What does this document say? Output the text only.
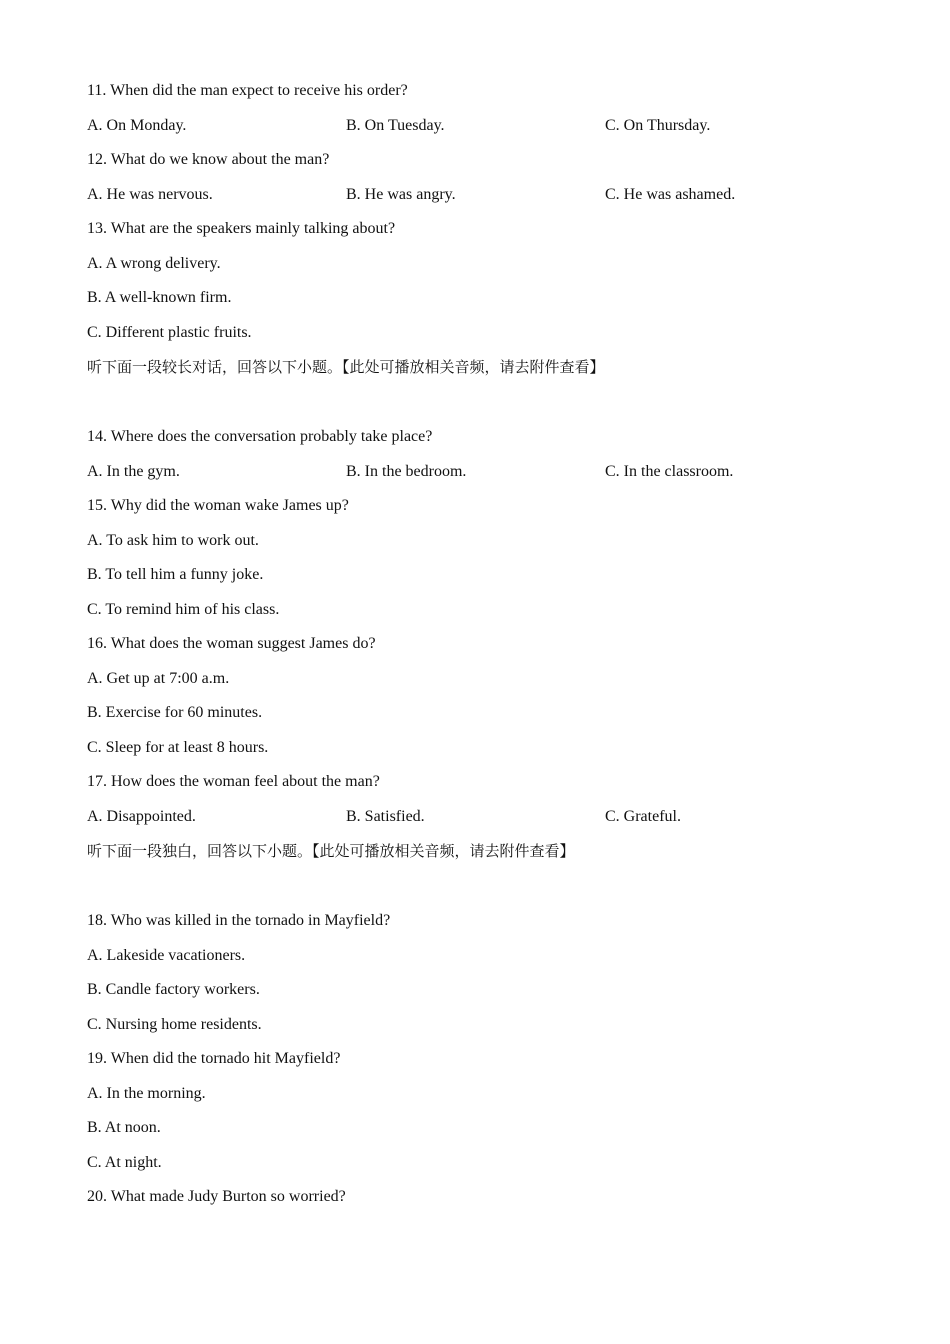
11. When did the man expect to receive his order?
A. On Monday.	B. On Tuesday.	C. On Thursday.
12. What do we know about the man?
A. He was nervous.	B. He was angry.	C. He was ashamed.
13. What are the speakers mainly talking about?
A. A wrong delivery.
B. A well-known firm.
C. Different plastic fruits.
听下面一段较长对话，回答以下小题。【此处可播放相关音频，请去附件查看】
14. Where does the conversation probably take place?
A. In the gym.	B. In the bedroom.	C. In the classroom.
15. Why did the woman wake James up?
A. To ask him to work out.
B. To tell him a funny joke.
C. To remind him of his class.
16. What does the woman suggest James do?
A. Get up at 7:00 a.m.
B. Exercise for 60 minutes.
C. Sleep for at least 8 hours.
17. How does the woman feel about the man?
A. Disappointed.	B. Satisfied.	C. Grateful.
听下面一段独白，回答以下小题。【此处可播放相关音频，请去附件查看】
18. Who was killed in the tornado in Mayfield?
A. Lakeside vacationers.
B. Candle factory workers.
C. Nursing home residents.
19. When did the tornado hit Mayfield?
A. In the morning.
B. At noon.
C. At night.
20. What made Judy Burton so worried?
